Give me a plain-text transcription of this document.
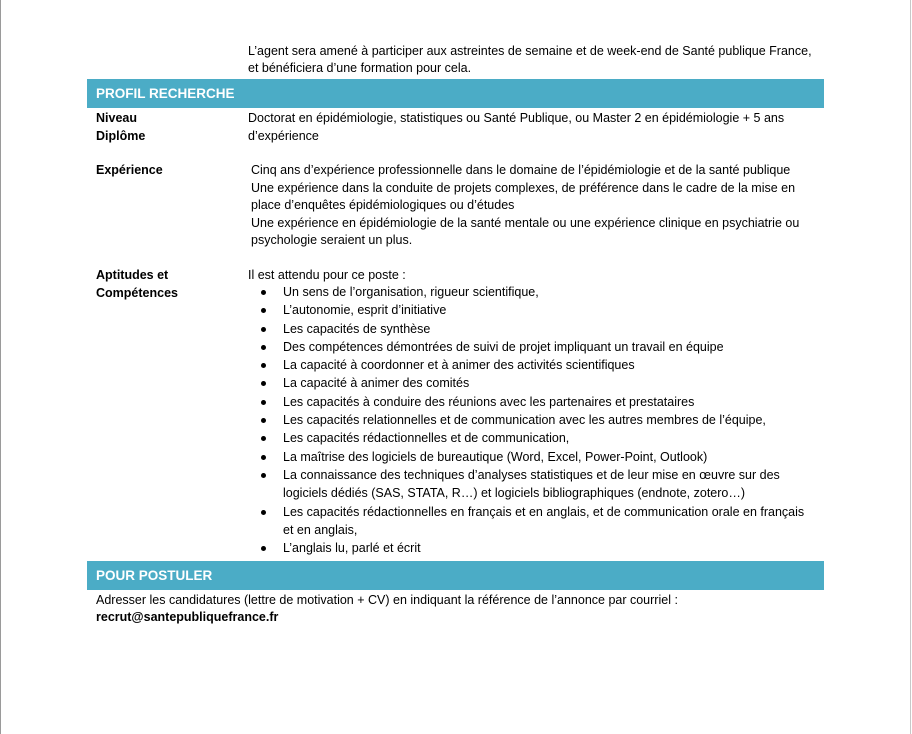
L’agent sera amené à participer aux astreintes de semaine et de week-end de Santé publique France,
et bénéficiera d’une formation pour cela.
PROFIL RECHERCHE
Niveau
Diplôme
Doctorat en épidémiologie, statistiques ou Santé Publique, ou Master 2 en épidémiologie + 5 ans
d’expérience
Expérience	Cinq ans d’expérience professionnelle dans le domaine de l’épidémiologie et de la santé publique
Une expérience dans la conduite de projets complexes, de préférence dans le cadre de la mise en
place d’enquêtes épidémiologiques ou d’études
Une expérience en épidémiologie de la santé mentale ou une expérience clinique en psychiatrie ou
psychologie seraient un plus.
Aptitudes et
Compétences
Il est attendu pour ce poste :
Un sens de l’organisation, rigueur scientifique,
L’autonomie, esprit d’initiative
Les capacités de synthèse
Des compétences démontrées de suivi de projet impliquant un travail en équipe
La capacité à coordonner et à animer des activités scientifiques
La capacité à animer des comités
Les capacités à conduire des réunions avec les partenaires et prestataires
Les capacités relationnelles et de communication avec les autres membres de l’équipe,
Les capacités rédactionnelles et de communication,
La maîtrise des logiciels de bureautique (Word, Excel, Power-Point, Outlook)
La connaissance des techniques d’analyses statistiques et de leur mise en œuvre sur des
logiciels dédiés (SAS, STATA, R…) et logiciels bibliographiques (endnote, zotero…)
Les capacités rédactionnelles en français et en anglais, et de communication orale en français
et en anglais,
L’anglais lu, parlé et écrit
POUR POSTULER
Adresser les candidatures (lettre de motivation + CV) en indiquant la référence de l’annonce par courriel :
recrut@santepubliquefrance.fr
